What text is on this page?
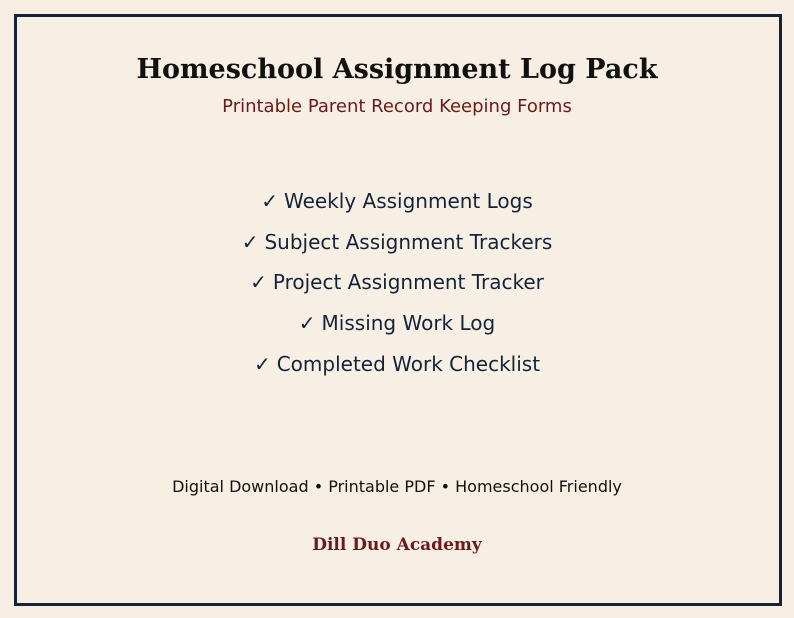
Homeschool Assignment Log Pack
Printable Parent Record Keeping Forms
✓ Weekly Assignment Logs
✓ Subject Assignment Trackers
✓ Project Assignment Tracker
✓ Missing Work Log
✓ Completed Work Checklist
Digital Download • Printable PDF • Homeschool Friendly
Dill Duo Academy
